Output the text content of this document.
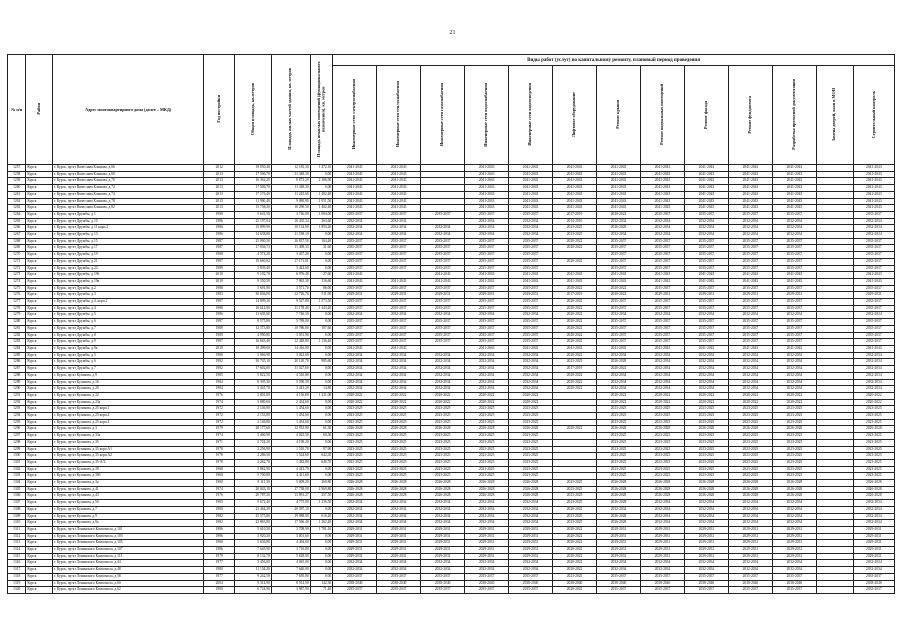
21
№ п/п	Район	Адрес многоквартирного дома (далее – МКД)	Год постройки	Общая площадь, кв.метров	Площадь жилых частей здания, кв. метров	Площадь нежилых помещений (функционального назначения), кв. метров	Виды работ (услуг) по капитальному ремонту, плановый период проведения												
							Инженерные сети электроснабжения	Инженерные сети теплоснабжения	Инженерные сети газоснабжения	Инженерные сети водоснабжения	Инженерные сети водоотведения	Лифтовое оборудование	Ремонт крыши	Ремонт подвальных помещений	Ремонт фасада	Ремонт фундамента	Разработка проектной документации	Замена дверей, окон в МОП	Строительный контроль
1257	Курск	г. Курск, пр-кт Вячеслава Клыкова, д.66	2012	18 050,40	12 185,30	1 472,10	2041-2043	2041-2043		2041-2043	2041-2043	2041-2043	2041-2043	2041-2043	2041-2043	2041-2043	2041-2043		2041-2043
1258	Курск	г. Курск, пр-кт Вячеслава Клыкова, д.68	2013	17 506,70	11 348,30	0,00	2041-2043	2041-2043		2041-2043	2041-2043	2041-2043	2041-2043	2041-2043	2041-2043	2041-2043	2041-2043		2041-2043
1259	Курск	г. Курск, пр-кт Вячеслава Клыкова, д.70	2013	16 362,20	8 873,20	2 186,90	2041-2043	2041-2043		2041-2043	2041-2043	2041-2043	2041-2043	2041-2043	2041-2043	2041-2043	2041-2043		2041-2043
1260	Курск	г. Курск, пр-кт Вячеслава Клыкова, д.72	2013	17 506,70	11 348,30	0,00	2041-2043	2041-2043		2041-2043	2041-2043	2041-2043	2041-2043	2041-2043	2041-2043	2041-2043	2041-2043		2041-2043
1261	Курск	г. Курск, пр-кт Вячеслава Клыкова, д.74	2013	17 176,40	11 245,60	1 402,40	2041-2043	2041-2043		2041-2043	2041-2043	2041-2043	2041-2043	2041-2043	2041-2043	2041-2043	2041-2043		2041-2043
1262	Курск	г. Курск, пр-кт Вячеслава Клыкова, д.78	2013	11 960,40	9 080,80	1 051,50	2041-2043	2041-2043		2041-2043	2041-2043	2041-2043	2041-2043	2041-2043	2041-2043	2041-2043	2041-2043		2041-2043
1263	Курск	г. Курск, пр-кт Вячеслава Клыкова, д.82	2013	15 758,20	10 290,50	1 402,40	2041-2043	2041-2043		2041-2043	2041-2043	2041-2043	2041-2043	2041-2043	2041-2043	2041-2043	2041-2043		2041-2043
1264	Курск	г. Курск, пр-кт Дружбы, д.1	1990	5 641,50	3 746,00	1 084,00	2035-2037	2035-2037	2035-2037	2035-2037	2035-2037	2017-2019	2020-2022	2035-2037	2035-2037	2035-2037	2035-2037		2035-2037
1265	Курск	г. Курск, пр-кт Дружбы, д.10	1986	25 197,04	16 435,34	263,60	2032-2034	2032-2034		2032-2034	2032-2034	2014-2016	2032-2034	2032-2034	2032-2034	2032-2034	2032-2034		2032-2034
1266	Курск	г. Курск, пр-кт Дружбы, д.11 корп.2	1986	15 899,90	10 134,90	1 893,20	2032-2034	2032-2034	2032-2034	2032-2034	2032-2034	2023-2025	2026-2028	2032-2034	2032-2034	2032-2034	2032-2034		2032-2034
1267	Курск	г. Курск, пр-кт Дружбы, д.13	1986	14 638,80	11 538,10	0,00	2032-2034	2032-2034	2032-2034	2032-2034	2032-2034	2023-2025	2032-2034	2032-2034	2032-2034	2032-2034	2032-2034		2032-2034
1268	Курск	г. Курск, пр-кт Дружбы, д.15	1987	25 060,50	16 837,50	164,40	2035-2037	2035-2037	2035-2037	2035-2037	2035-2037	2020-2022	2035-2037	2035-2037	2035-2037	2035-2037	2035-2037		2035-2037
1269	Курск	г. Курск, пр-кт Дружбы, д.17	1987	17 036,73	11 498,33	31,60	2035-2037	2035-2037	2035-2037	2035-2037	2035-2037	2020-2022	2035-2037	2035-2037	2035-2037	2035-2037	2035-2037		2035-2037
1270	Курск	г. Курск, пр-кт Дружбы, д.19	1988	4 574,20	3 437,20	0,00	2035-2037	2035-2037	2035-2037	2035-2037	2035-2037		2035-2037	2035-2037	2035-2037	2035-2037	2035-2037		2035-2037
1271	Курск	г. Курск, пр-кт Дружбы, д.21	1987	19 660,02	17 171,01	0,00	2035-2037	2035-2037	2035-2037	2035-2037	2035-2037	2020-2022	2035-2037	2035-2037	2035-2037	2035-2037	2035-2037		2035-2037
1272	Курск	г. Курск, пр-кт Дружбы, д.23	1989	5 839,40	3 422,60	0,00	2035-2037	2035-2037	2035-2037	2035-2037	2035-2037		2035-2037	2035-2037	2035-2037	2035-2037	2035-2037		2035-2037
1273	Курск	г. Курск, пр-кт Дружбы, д.19б	2010	9 102,70	6 976,40	27,60	2041-2043		2041-2043	2041-2043	2041-2043	2041-2043	2041-2043	2041-2043	2041-2043	2041-2043	2041-2043		2041-2043
1274	Курск	г. Курск, пр-кт Дружбы, д.19в	2010	9 350,50	7 865,30	116,60	2041-2043	2041-2043	2041-2043	2041-2043	2041-2043	2041-2043	2041-2043	2041-2043	2041-2043	2041-2043	2041-2043		2041-2043
1275	Курск	г. Курск, пр-кт Дружбы, д.2	1988	5 691,00	3 571,70	86,00	2035-2037	2035-2037	2035-2037	2035-2037	2035-2037	2020-2022	2020-2022	2035-2037	2035-2037	2035-2037	2035-2037		2035-2037
1276	Курск	г. Курск, пр-кт Дружбы, д.3	1983	30 636,00	12 726,70	511,90	2029-2031	2029-2031	2029-2031	2029-2031	2029-2031	2017-2019	2020-2022	2029-2031	2029-2031	2029-2031	2029-2031		2029-2031
1277	Курск	г. Курск, пр-кт Дружбы, д.4, корп.2	1987	14 899,10	9 527,80	1 573,50	2035-2037	2035-2037	2035-2037	2035-2037	2035-2037	2020-2022	2035-2037	2035-2037	2035-2037	2035-2037	2035-2037		2035-2037
1278	Курск	г. Курск, пр-кт Дружбы, д.4	1988	16 614,00	11 178,40	1 443,40	2035-2037	2035-2037	2035-2037	2035-2037	2035-2037	2020-2022	2035-2037	2035-2037	2035-2037	2035-2037	2035-2037		2035-2037
1279	Курск	г. Курск, пр-кт Дружбы, д.5	1986	11 635,00	7 746,50	0,00	2032-2034	2032-2034	2032-2034	2032-2034	2032-2034	2020-2022	2032-2034	2032-2034	2032-2034	2032-2034	2032-2034		2032-2034
1280	Курск	г. Курск, пр-кт Дружбы, д.6	1987	8 575,80	5 789,00	0,00	2035-2037	2035-2037	2035-2037	2035-2037	2035-2037	2020-2022	2035-2037	2035-2037	2035-2037	2035-2037	2035-2037		2035-2037
1281	Курск	г. Курск, пр-кт Дружбы, д.7	1988	12 573,80	10 786,00	197,60	2035-2037	2035-2037	2035-2037	2035-2037	2035-2037	2020-2022	2035-2037	2035-2037	2035-2037	2035-2037	2035-2037		2035-2037
1282	Курск	г. Курск, пр-кт Дружбы, д.8	1989	4 990,80	3 051,90	0,00	2035-2037	2035-2037	2035-2037	2035-2037	2035-2037	2020-2022	2035-2037	2035-2037	2035-2037	2035-2037	2035-2037		2035-2037
1283	Курск	г. Курск, пр-кт Дружбы, д.9	1987	16 663,40	12 448,80	1 136,40	2035-2037	2035-2037	2035-2037	2035-2037	2035-2037	2020-2022	2035-2037	2035-2037	2035-2037	2035-2037	2035-2037		2035-2037
1284	Курск	г. Курск, пр-кт Дружбы, д.9а	2010	18 499,00	14 416,00	0,00	2041-2043	2041-2043		2041-2043	2041-2043	2041-2043	2041-2043	2041-2043	2041-2043	2041-2043	2041-2043		2041-2043
1285	Курск	г. Курск, пр-кт Дружбы, д.5	1986	5 966,90	3 022,60	0,00	2032-2034	2032-2034	2032-2034	2032-2034	2032-2034	2020-2022	2032-2034	2032-2034	2032-2034	2032-2034	2032-2034		2032-2034
1286	Курск	г. Курск, пр-кт Дружбы, д.6	1982	30 745,10	20 120,70	985,60	2032-2034	2032-2034	2032-2034	2032-2034	2032-2034	2023-2025	2026-2028	2032-2034	2032-2034	2032-2034	2032-2034		2032-2034
1287	Курск	г. Курск, пр-кт Дружбы, д.7	1982	17 602,00	11 527,60	0,00	2032-2034	2032-2034	2032-2034	2032-2034	2032-2034	2017-2019	2020-2022	2032-2034	2032-2034	2032-2034	2032-2034		2032-2034
1288	Курск	г. Курск, пр-кт Кулакова, д.9	1985	5 822,50	4 510,80	0,00	2032-2034	2032-2034	2032-2034	2032-2034	2032-2034	2020-2022	2032-2034	2032-2034	2032-2034	2032-2034	2032-2034		2032-2034
1289	Курск	г. Курск, пр-кт Кулакова, д.16	1984	8 395,30	5 590,50	0,00	2032-2034	2032-2034	2032-2034	2032-2034	2032-2034	2020-2022	2032-2034	2032-2034	2032-2034	2032-2034	2032-2034		2032-2034
1290	Курск	г. Курск, пр-кт Кулакова, д.20	1984	5 441,70	3 413,20	14,80	2032-2034	2032-2034	2032-2034	2032-2034	2032-2034	2020-2022	2032-2034	2032-2034	2032-2034	2032-2034	2032-2034		2032-2034
1291	Курск	г. Курск, пр-кт Кулакова, д.22	1976	5 801,80	4 156,80	1 211,00	2020-2022	2020-2022	2020-2022	2020-2022	2020-2022		2020-2022	2020-2022	2020-2022	2020-2022	2020-2022		2020-2022
1292	Курск	г. Курск, пр-кт Кулакова, д.23а	1974	3 880,60	2 434,60	0,00	2020-2022	2020-2022	2020-2022	2020-2022	2020-2022		2020-2022	2020-2022	2020-2022	2020-2022	2020-2022		2020-2022
1293	Курск	г. Курск, пр-кт Кулакова, д.25 корп.1	1972	2 146,90	1 454,60	0,00	2023-2025	2023-2025	2023-2025	2023-2025	2023-2025		2023-2025	2023-2025	2023-2025	2023-2025	2023-2025		2023-2025
1294	Курск	г. Курск, пр-кт Кулакова, д.25 корп.2	1972	2 153,80	1 454,60	0,00	2023-2025	2023-2025	2023-2025	2023-2025	2023-2025		2023-2025	2023-2025	2023-2025	2023-2025	2023-2025		2023-2025
1295	Курск	г. Курск, пр-кт Кулакова, д.25 корп.3	1972	2 146,80	1 454,60	0,00	2023-2025	2023-2025	2023-2025	2023-2025	2023-2025		2023-2025	2023-2025	2023-2025	2023-2025	2023-2025		2023-2025
1296	Курск	г. Курск, пр-кт Кулакова, д.3	1979	28 177,60	12 933,80	61,30	2026-2028	2026-2028	2026-2028	2026-2028	2026-2028	2020-2022	2026-2028	2026-2028	2026-2028	2026-2028	2026-2028		2026-2028
1297	Курск	г. Курск, пр-кт Кулакова, д.33а	1974	5 460,90	4 023,50	60,50	2023-2025	2023-2025	2023-2025	2023-2025	2023-2025		2023-2025	2023-2025	2023-2025	2023-2025	2023-2025		2023-2025
1298	Курск	г. Курск, пр-кт Кулакова, д.35	1971	5 724,20	4 190,20	0,00	2023-2025	2023-2025	2023-2025	2023-2025	2023-2025		2023-2025	2023-2025	2023-2025	2023-2025	2023-2025		2023-2025
1299	Курск	г. Курск, пр-кт Кулакова, д.35 корп.А1	1978	2 256,90	1 510,70	87,90	2023-2025	2023-2025	2023-2025	2023-2025	2023-2025		2023-2025	2023-2025	2023-2025	2023-2025	2023-2025		2023-2025
1300	Курск	г. Курск, пр-кт Кулакова, д.35 корп.А2	1978	2 286,50	1 524,60	642,30	2023-2025	2023-2025	2023-2025	2023-2025	2023-2025		2023-2025	2023-2025	2023-2025	2023-2025	2023-2025		2023-2025
1301	Курск	г. Курск, пр-кт Кулакова, д.35-А/2	1978	2 262,70	1 482,80	640,70	2023-2025	2023-2025	2023-2025	2023-2025	2023-2025		2023-2025	2023-2025	2023-2025	2023-2025	2023-2025		2023-2025
1302	Курск	г. Курск, пр-кт Кулакова, д.39	1968	5 862,90	4 413,70	0,00	2023-2025	2023-2025	2023-2025	2023-2025	2023-2025		2023-2025	2023-2025	2023-2025	2023-2025	2023-2025		2023-2025
1303	Курск	г. Курск, пр-кт Кулакова, д.39б	1968	5 700,80	4 421,60	0,00	2023-2025	2023-2025	2023-2025	2023-2025	2023-2025		2023-2025	2023-2025	2023-2025	2023-2025	2023-2025		2023-2025
1304	Курск	г. Курск, пр-кт Кулакова, д.3а	1980	8 111,30	5 009,20	260,80	2026-2028	2026-2028	2026-2028	2026-2028	2026-2028	2023-2025	2026-2028	2026-2028	2026-2028	2026-2028	2026-2028		2026-2028
1305	Курск	г. Курск, пр-кт Кулакова, д.41	1974	20 043,10	17 738,00	2 969,80	2026-2028	2026-2028	2026-2028	2026-2028	2026-2028	2023-2025	2026-2028	2026-2028	2026-2028	2026-2028	2026-2028		2026-2028
1306	Курск	г. Курск, пр-кт Кулакова, д.43	1976	20 787,20	13 891,27	257,50	2026-2028	2026-2028	2026-2028	2026-2028	2026-2028	2023-2025	2026-2028	2026-2028	2026-2028	2026-2028	2026-2028		2026-2028
1307	Курск	г. Курск, пр-кт Кулакова, д.5б	1983	5 672,40	4 775,00	1 236,50	2032-2034	2032-2034	2032-2034	2032-2034	2032-2034	2023-2025	2026-2028	2032-2034	2032-2034	2032-2034	2032-2034		2032-2034
1308	Курск	г. Курск, пр-кт Кулакова, д.7	1980	23 464,30	20 397,10	0,00	2032-2034	2032-2034	2032-2034	2032-2034	2032-2034	2020-2022	2032-2034	2032-2034	2032-2034	2032-2034	2032-2034		2032-2034
1309	Курск	г. Курск, пр-кт Кулакова, д.9	1982	25 575,80	19 088,00	616,40	2032-2034	2032-2034	2032-2034	2032-2034	2032-2034	2023-2025	2026-2028	2032-2034	2032-2034	2032-2034	2032-2034		2032-2034
1310	Курск	г. Курск, пр-кт Кулакова, д.9а	1982	22 863,80	17 566,40	1 262,40	2032-2034	2032-2034	2032-2034	2032-2034	2032-2034	2023-2025	2026-2028	2032-2034	2032-2034	2032-2034	2032-2034		2032-2034
1311	Курск	г. Курск, пр-кт Ленинского Комсомола, д.101	1986	5 610,50	3 708,90	1 781,10	2029-2031	2029-2031	2029-2031	2029-2031	2029-2031	2020-2022	2029-2031	2029-2031	2029-2031	2029-2031	2029-2031		2029-2031
1312	Курск	г. Курск, пр-кт Ленинского Комсомола, д.103	1986	3 920,20	3 001,60	0,00	2029-2031	2029-2031	2029-2031	2029-2031	2029-2031	2020-2022	2029-2031	2029-2031	2029-2031	2029-2031	2029-2031		2029-2031
1313	Курск	г. Курск, пр-кт Ленинского Комсомола, д.105	1980	5 636,80	4 494,00	0,00	2029-2031	2029-2031	2029-2031	2029-2031	2029-2031	2020-2022	2029-2031	2029-2031	2029-2031	2029-2031	2029-2031		2029-2031
1314	Курск	г. Курск, пр-кт Ленинского Комсомола, д.107	1986	7 645,90	3 710,80	0,00	2029-2031	2029-2031	2029-2031	2029-2031	2029-2031	2020-2022	2029-2031	2029-2031	2029-2031	2029-2031	2029-2031		2029-2031
1315	Курск	г. Курск, пр-кт Ленинского Комсомола, д.113	1979	8 132,70	5 628,00	0,00	2029-2031	2029-2031	2029-2031	2029-2031	2029-2031	2020-2022	2029-2031	2029-2031	2029-2031	2029-2031	2029-2031		2029-2031
1316	Курск	г. Курск, пр-кт Ленинского Комсомола, д.44	1977	5 456,00	4 045,00	0,00	2032-2034	2032-2034	2032-2034	2032-2034	2032-2034	2020-2022	2032-2034	2032-2034	2032-2034	2032-2034	2032-2034		2032-2034
1317	Курск	г. Курск, пр-кт Ленинского Комсомола, д.48	1980	11 134,20	7 640,80	0,00	2032-2034	2032-2034	2032-2034	2032-2034	2032-2034	2020-2022	2032-2034	2032-2034	2032-2034	2032-2034	2032-2034		2032-2034
1318	Курск	г. Курск, пр-кт Ленинского Комсомола, д.58	1977	9 242,50	7 650,80	0,00	2035-2037	2035-2037	2035-2037	2035-2037	2035-2037	2023-2025	2035-2037	2035-2037	2035-2037	2035-2037	2035-2037		2035-2037
1319	Курск	г. Курск, пр-кт Ленинского Комсомола, д.60	2004	9 314,90	8 914,90	142,30	2038-2040	2038-2040	2038-2040	2038-2040	2038-2040	2038-2040	2038-2040	2038-2040	2038-2040	2038-2040	2038-2040		2038-2040
1320	Курск	г. Курск, пр-кт Ленинского Комсомола, д.62	1980	6 724,90	3 987,90	71,40	2035-2037	2035-2037	2035-2037	2035-2037	2035-2037	2020-2022	2035-2037	2035-2037	2035-2037	2035-2037	2035-2037		2035-2037
